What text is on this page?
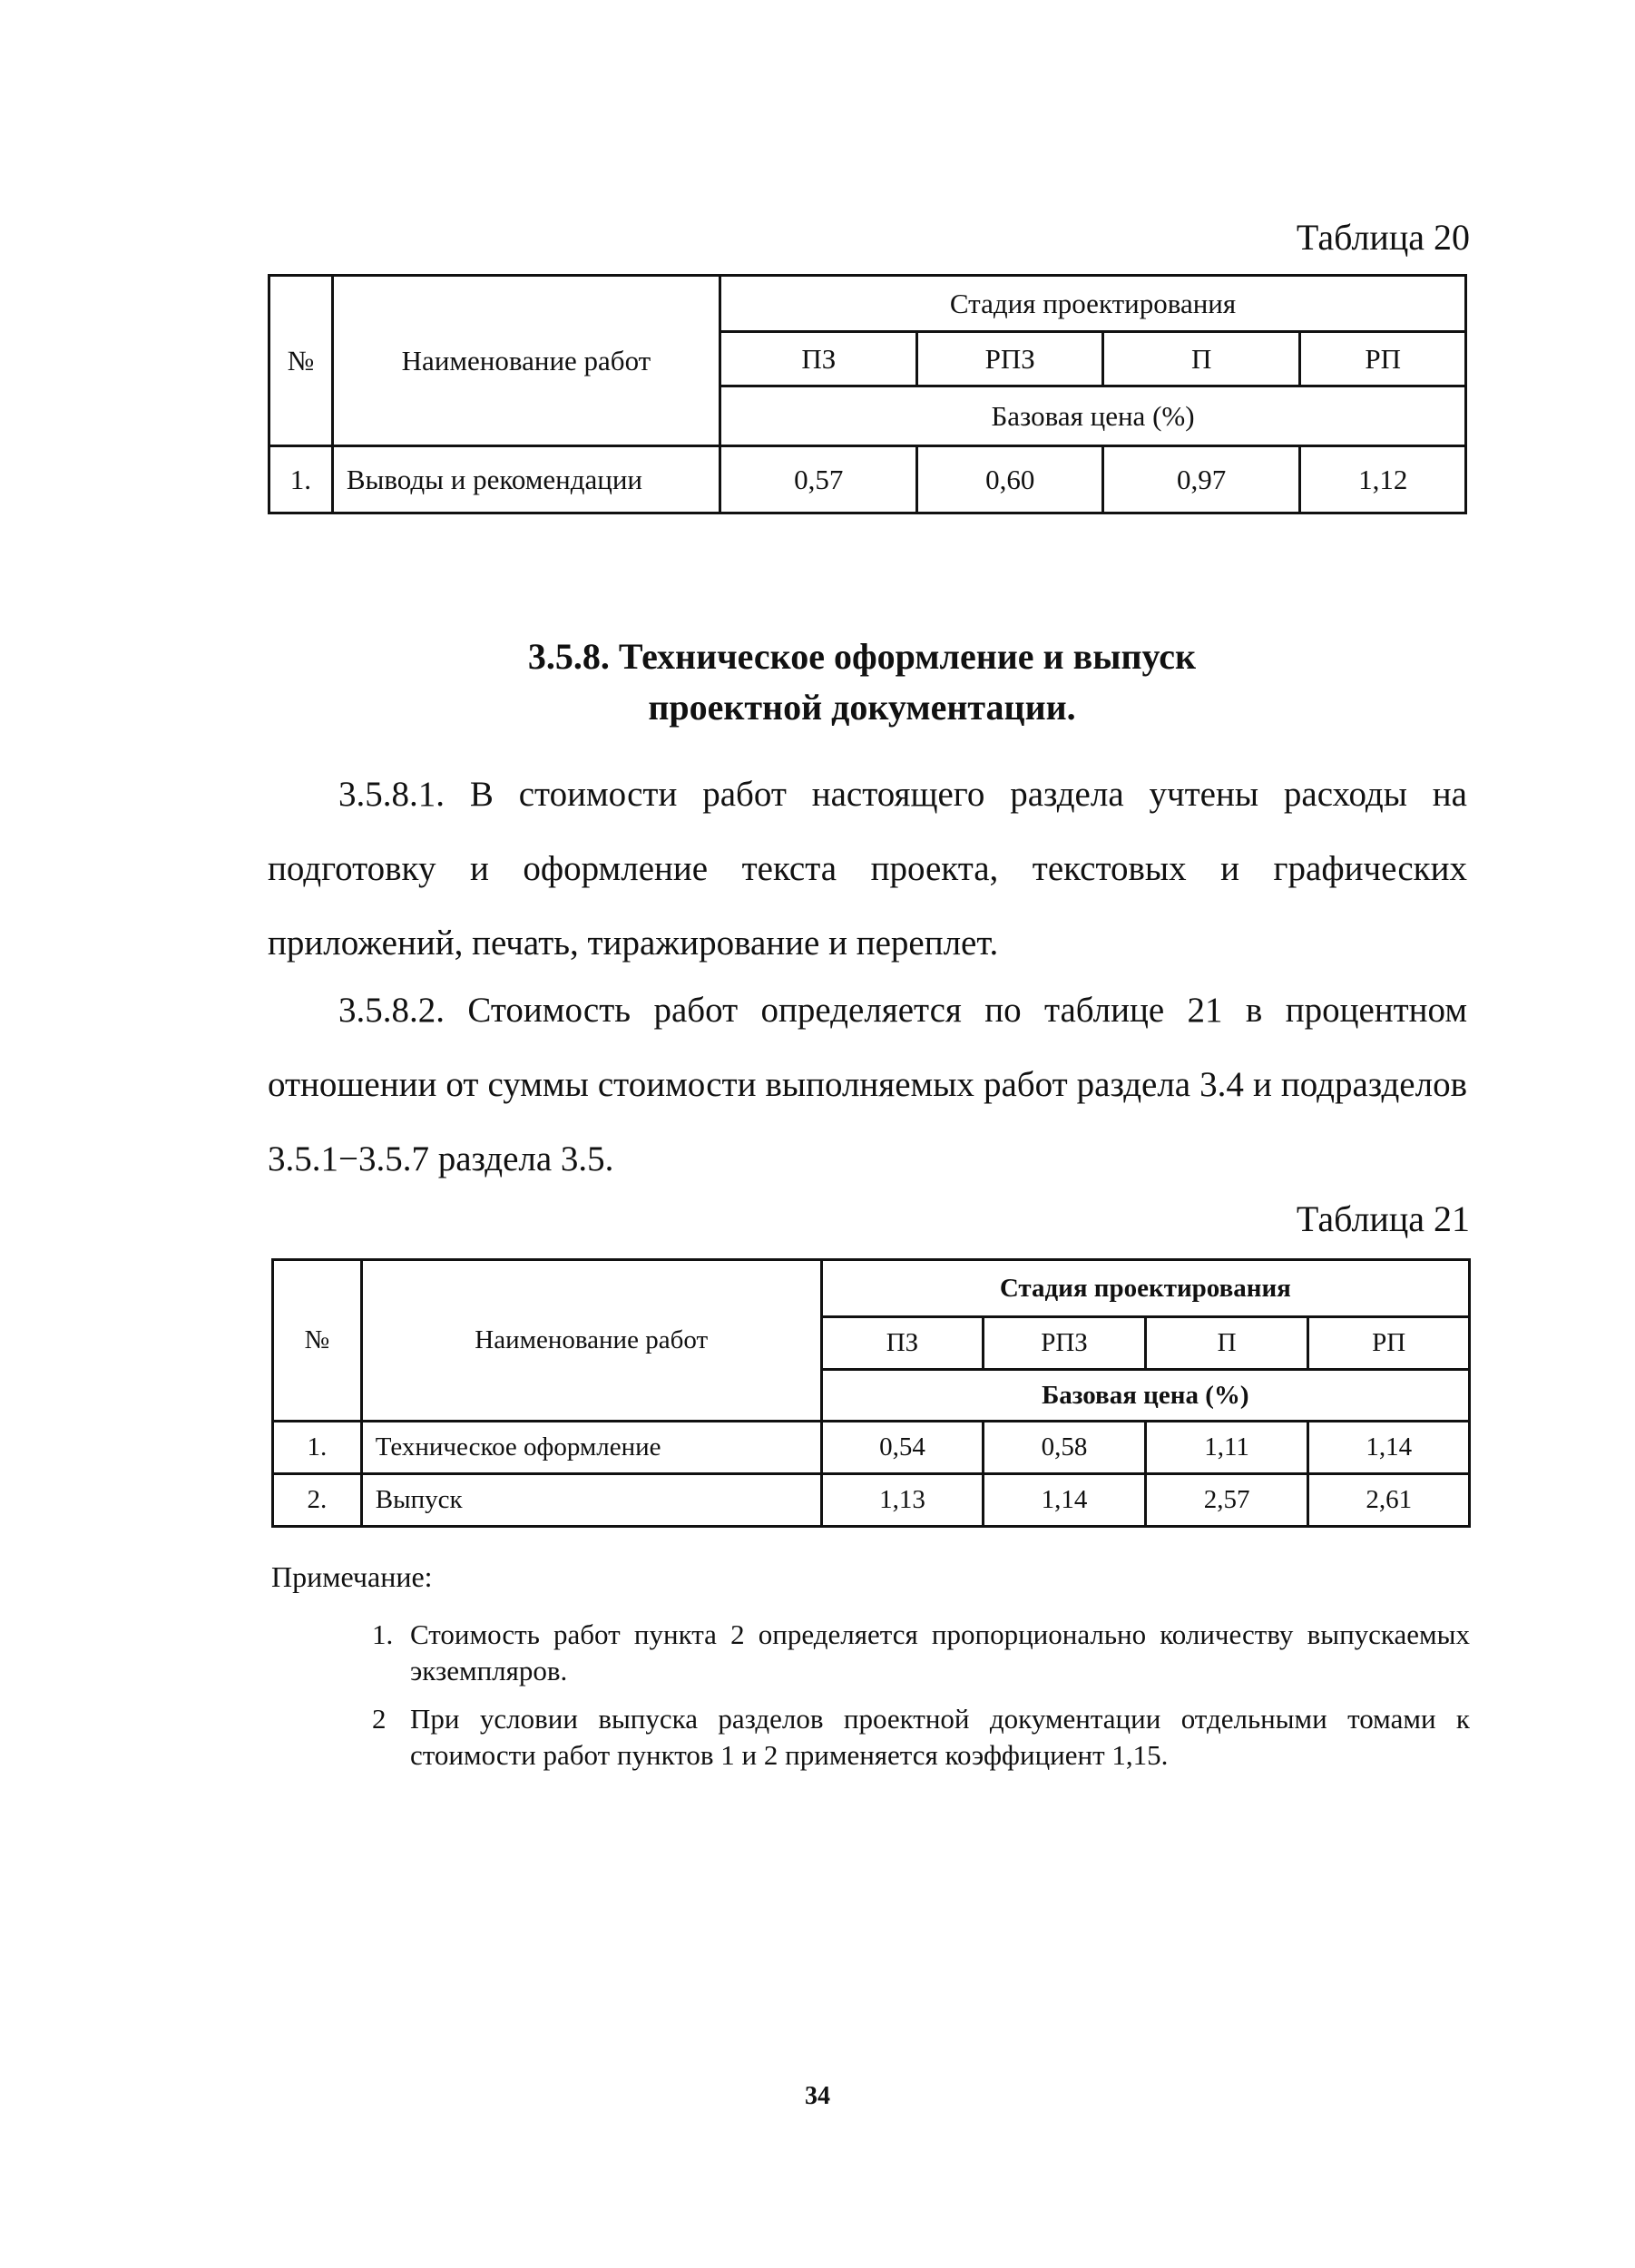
Таблица 20
№	Наименование работ	Стадия проектирования			
		ПЗ	РПЗ	П	РП
		Базовая цена (%)			
1.	Выводы и рекомендации	0,57	0,60	0,97	1,12
3.5.8. Техническое оформление и выпуск
проектной документации.
3.5.8.1. В стоимости работ настоящего раздела учтены расходы на подготовку и оформление текста проекта, текстовых и графических приложений, печать, тиражирование и переплет.
3.5.8.2. Стоимость работ определяется по таблице 21 в процентном отношении от суммы стоимости выполняемых работ раздела 3.4 и подразделов 3.5.1−3.5.7 раздела 3.5.
Таблица 21
№	Наименование работ	Стадия проектирования			
		ПЗ	РПЗ	П	РП
		Базовая цена (%)			
1.	Техническое оформление	0,54	0,58	1,11	1,14
2.	Выпуск	1,13	1,14	2,57	2,61
Примечание:
1. Стоимость работ пункта 2 определяется пропорционально количеству выпускаемых экземпляров.
2 При условии выпуска разделов проектной документации отдельными томами к стоимости работ пунктов 1 и 2 применяется коэффициент 1,15.
34
